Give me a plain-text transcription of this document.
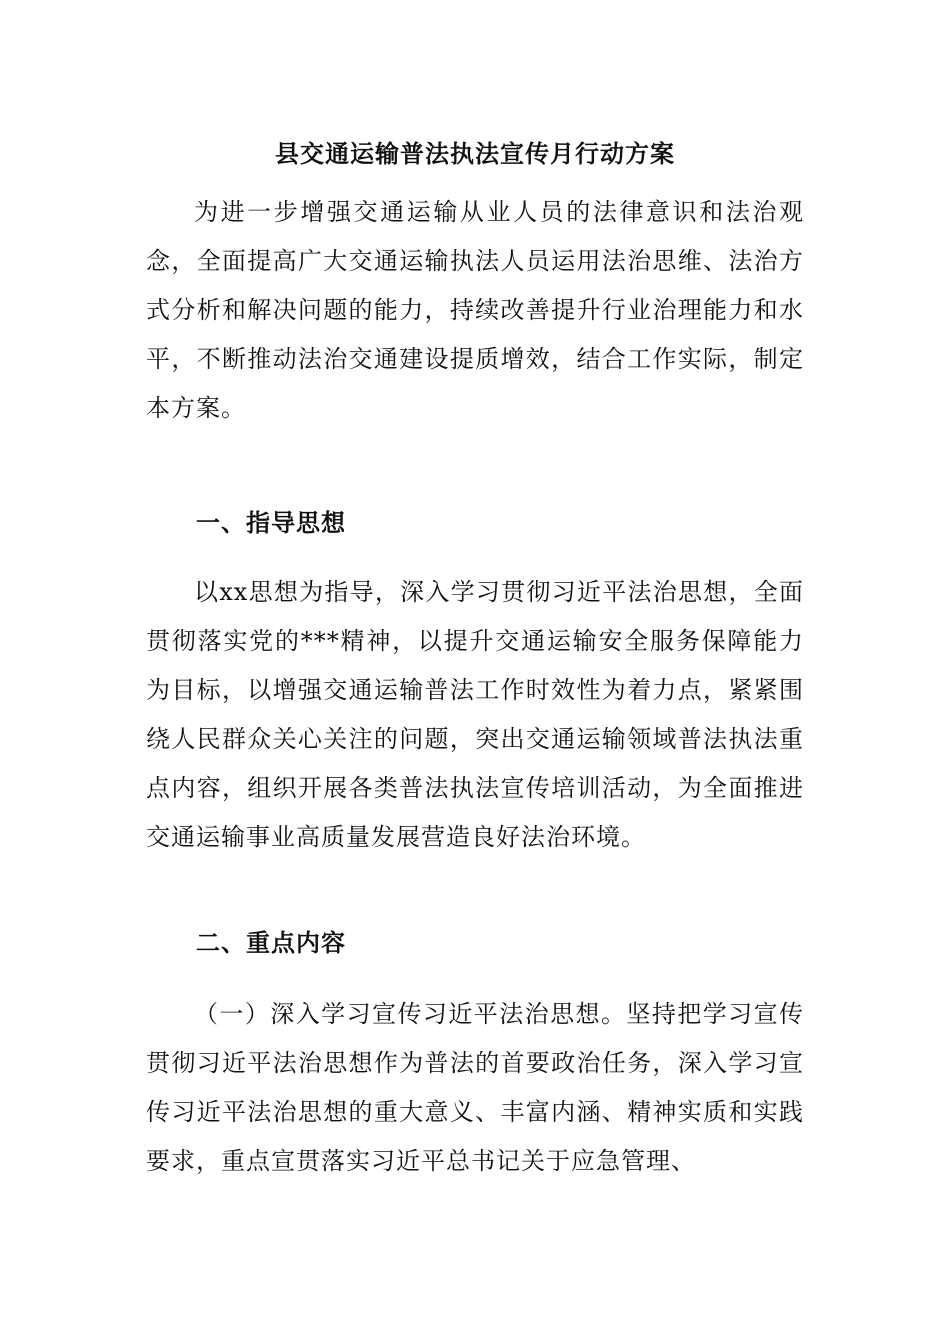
县交通运输普法执法宣传月行动方案

为进一步增强交通运输从业人员的法律意识和法治观念，全面提高广大交通运输执法人员运用法治思维、法治方式分析和解决问题的能力，持续改善提升行业治理能力和水平，不断推动法治交通建设提质增效，结合工作实际，制定本方案。

一、指导思想

以xx思想为指导，深入学习贯彻习近平法治思想，全面贯彻落实党的***精神，以提升交通运输安全服务保障能力为目标，以增强交通运输普法工作时效性为着力点，紧紧围绕人民群众关心关注的问题，突出交通运输领域普法执法重点内容，组织开展各类普法执法宣传培训活动，为全面推进交通运输事业高质量发展营造良好法治环境。

二、重点内容

（一）深入学习宣传习近平法治思想。坚持把学习宣传贯彻习近平法治思想作为普法的首要政治任务，深入学习宣传习近平法治思想的重大意义、丰富内涵、精神实质和实践要求，重点宣贯落实习近平总书记关于应急管理、
